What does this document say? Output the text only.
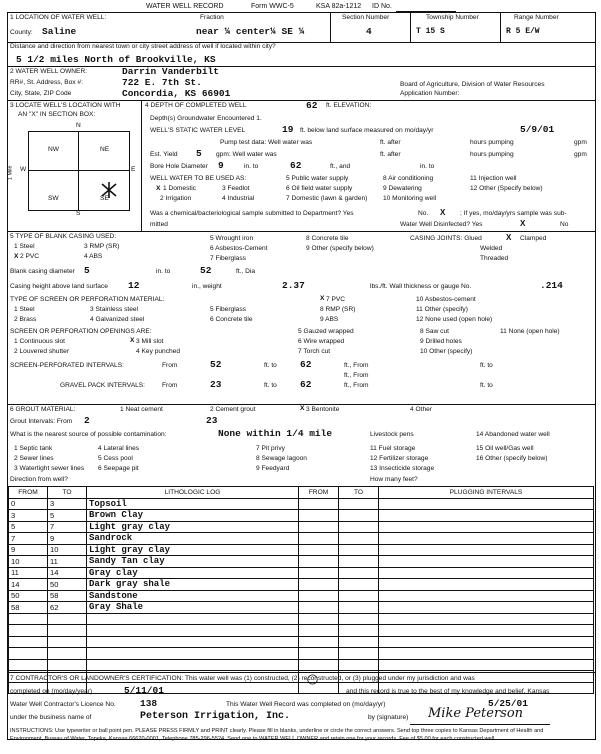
WATER WELL RECORD	Form WWC-5	KSA 82a-1212 ID No.
1 LOCATION OF WATER WELL:	Fraction	Section Number	Township Number	Range Number
County: Saline	near ¼ center¼ SE ¼	4	T 15 S	R 5 E/W
Distance and direction from nearest town or city street address of well if located within city?
5 1/2 miles North of Brookville, KS
2 WATER WELL OWNER:	Darrin Vanderbilt
RR#, St. Address, Box #:	722 E. 7th St.
City, State, ZIP Code	Concordia, KS 66901
Board of Agriculture, Division of Water Resources
Application Number:
3 LOCATE WELL'S LOCATION WITH
AN "X" IN SECTION BOX:
N
S
W	E
NW	NE
SW	SE
1 Mile
4 DEPTH OF COMPLETED WELL	62 ft. ELEVATION:
Depth(s) Groundwater Encountered 1.
WELL'S STATIC WATER LEVEL	19 ft. below land surface measured on mo/day/yr	5/9/01
Pump test data: Well water was	ft. after	hours pumping	gpm
Est. Yield 5 gpm: Well water was	ft. after	hours pumping	gpm
Bore Hole Diameter 9	in. to	62	ft., and	in. to
WELL WATER TO BE USED AS:	5 Public water supply	8 Air conditioning	11 Injection well
X 1 Domestic	3 Feedlot	6 Oil field water supply	9 Dewatering	12 Other (Specify below)
2 Irrigation	4 Industrial	7 Domestic (lawn & garden) 10 Monitoring well
Was a chemical/bacteriological sample submitted to Department? Yes	No. X ; If yes, mo/day/yrs sample was sub-
mitted	Water Well Disinfected? Yes	X	No
5 TYPE OF BLANK CASING USED:
1 Steel	3 RMP (SR)
X 2 PVC	4 ABS
5 Wrought iron
6 Asbestos-Cement
7 Fiberglass
8 Concrete tile
9 Other (specify below)
CASING JOINTS: Glued	X Clamped
Welded
Threaded
Blank casing diameter 5	in. to	52	ft., Dia
Casing height above land surface 12	in., weight	2.37	lbs./ft. Wall thickness or gauge No.	.214
TYPE OF SCREEN OR PERFORATION MATERIAL:
1 Steel	3 Stainless steel	5 Fiberglass
X 7 PVC	10 Asbestos-cement
2 Brass	4 Galvanized steel	6 Concrete tile
8 RMP (SR)	11 Other (specify)
9 ABS	12 None used (open hole)
SCREEN OR PERFORATION OPENINGS ARE:
1 Continuous slot	X 3 Mill slot
5 Gauzed wrapped	8 Saw cut	11 None (open hole)
2 Louvered shutter	4 Key punched
6 Wire wrapped	9 Drilled holes
7 Torch cut	10 Other (specify)
SCREEN-PERFORATED INTERVALS:	From	52	ft. to 62	ft., From	ft. to
ft., From
GRAVEL PACK INTERVALS:	From	23	ft. to 62	ft., From	ft. to
6 GROUT MATERIAL:	1 Neat cement	2 Cement grout	X 3 Bentonite	4 Other
Grout Intervals: From 2	23
What is the nearest source of possible contamination:	None within 1/4 mile	Livestock pens	14 Abandoned water well
1 Septic tank	4 Lateral lines	7 Pit privy	11 Fuel storage	15 Oil well/Gas well
2 Sewer lines	5 Cess pool	8 Sewage lagoon	12 Fertilizer storage	16 Other (specify below)
3 Watertight sewer lines 6 Seepage pit	9 Feedyard	13 Insecticide storage
Direction from well?	How many feet?
FROM	TO	LITHOLOGIC LOG	FROM	TO	PLUGGING INTERVALS
0	3	Topsoil			
3	5	Brown Clay			
5	7	Light gray clay			
7	9	Sandrock			
9	10	Light gray clay			
10	11	Sandy Tan clay			
11	14	Gray clay			
14	50	Dark gray shale			
50	58	Sandstone			
58	62	Gray Shale			

7 CONTRACTOR'S OR LANDOWNER'S CERTIFICATION: This water well was (1) constructed, (2) reconstructed, or (3) plugged under my jurisdiction and was
completed on (mo/day/year)	5/11/01	and this record is true to the best of my knowledge and belief. Kansas
Water Well Contractor's Licence No.	138	This Water Well Record was completed on (mo/day/yr)	5/25/01
under the business name of	Peterson Irrigation, Inc.	by (signature) Mike Peterson
INSTRUCTIONS: Use typewriter or ball point pen. PLEASE PRESS FIRMLY and PRINT clearly. Please fill in blanks, underline or circle the correct answers. Send top three copies to Kansas Department of Health and
Environment, Bureau of Water, Topeka, Kansas 66620-0001, Telephone 785-296-5524. Send one to WATER WELL OWNER and retain one for your records. Fee of $5.00 for each constructed well.
